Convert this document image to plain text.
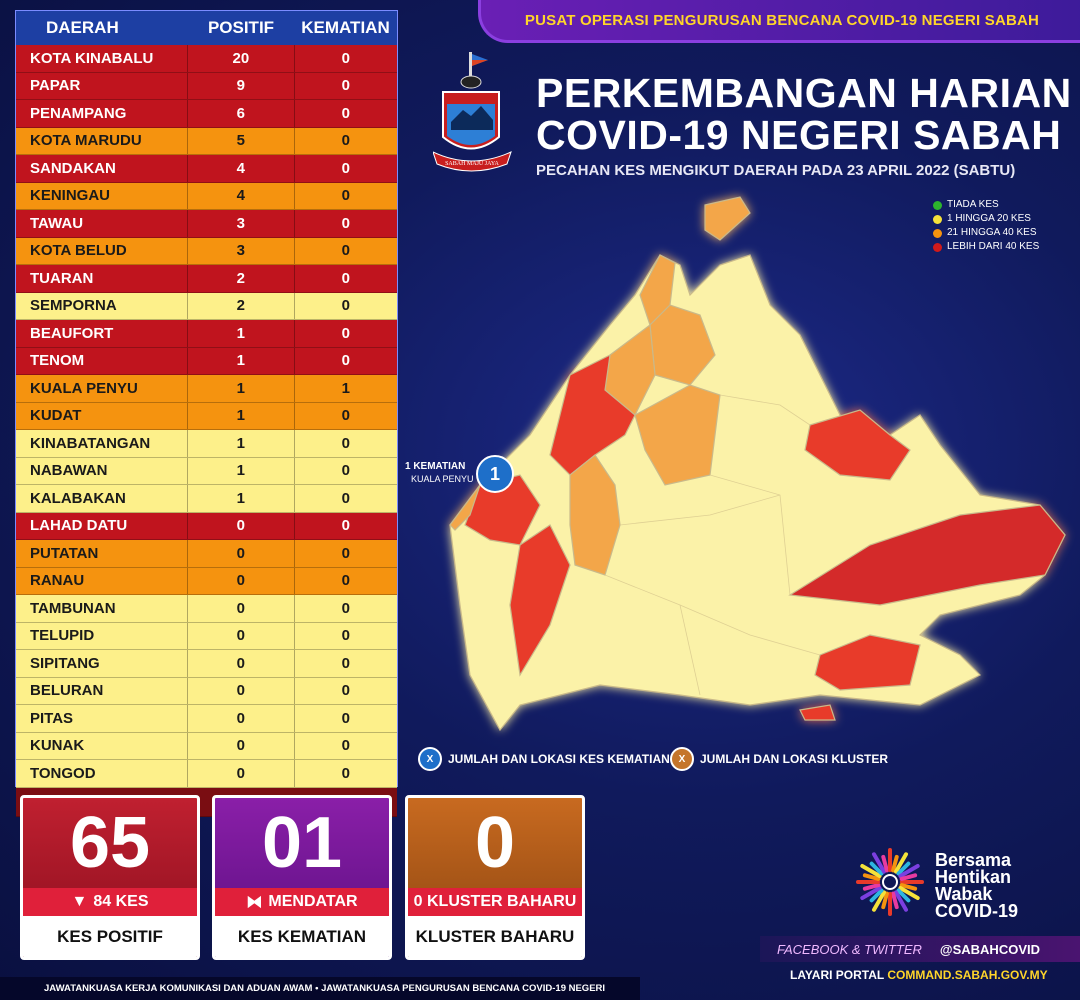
PUSAT OPERASI PENGURUSAN BENCANA COVID-19 NEGERI SABAH
DAERAH	POSITIF	KEMATIAN
KOTA KINABALU	20	0
PAPAR	9	0
PENAMPANG	6	0
KOTA MARUDU	5	0
SANDAKAN	4	0
KENINGAU	4	0
TAWAU	3	0
KOTA BELUD	3	0
TUARAN	2	0
SEMPORNA	2	0
BEAUFORT	1	0
TENOM	1	0
KUALA PENYU	1	1
KUDAT	1	0
KINABATANGAN	1	0
NABAWAN	1	0
KALABAKAN	1	0
LAHAD DATU	0	0
PUTATAN	0	0
RANAU	0	0
TAMBUNAN	0	0
TELUPID	0	0
SIPITANG	0	0
BELURAN	0	0
PITAS	0	0
KUNAK	0	0
TONGOD	0	0
SABAH MAJU JAYA
PERKEMBANGAN HARIAN
COVID-19 NEGERI SABAH
PECAHAN KES MENGIKUT DAERAH PADA 23 APRIL 2022 (SABTU)
TIADA KES
1 HINGGA 20 KES
21 HINGGA 40 KES
LEBIH DARI 40 KES
1 KEMATIAN
KUALA PENYU 1
X	JUMLAH DAN LOKASI KES KEMATIAN X	JUMLAH DAN LOKASI KLUSTER
65
▼ 84 KES
KES POSITIF
01
⧓ MENDATAR
KES KEMATIAN
0
0 KLUSTER BAHARU
KLUSTER BAHARU
Bersama
Hentikan
Wabak
COVID-19
FACEBOOK & TWITTER @SABAHCOVID
LAYARI PORTAL COMMAND.SABAH.GOV.MY
JAWATANKUASA KERJA KOMUNIKASI DAN ADUAN AWAM • JAWATANKUASA PENGURUSAN BENCANA COVID-19 NEGERI
